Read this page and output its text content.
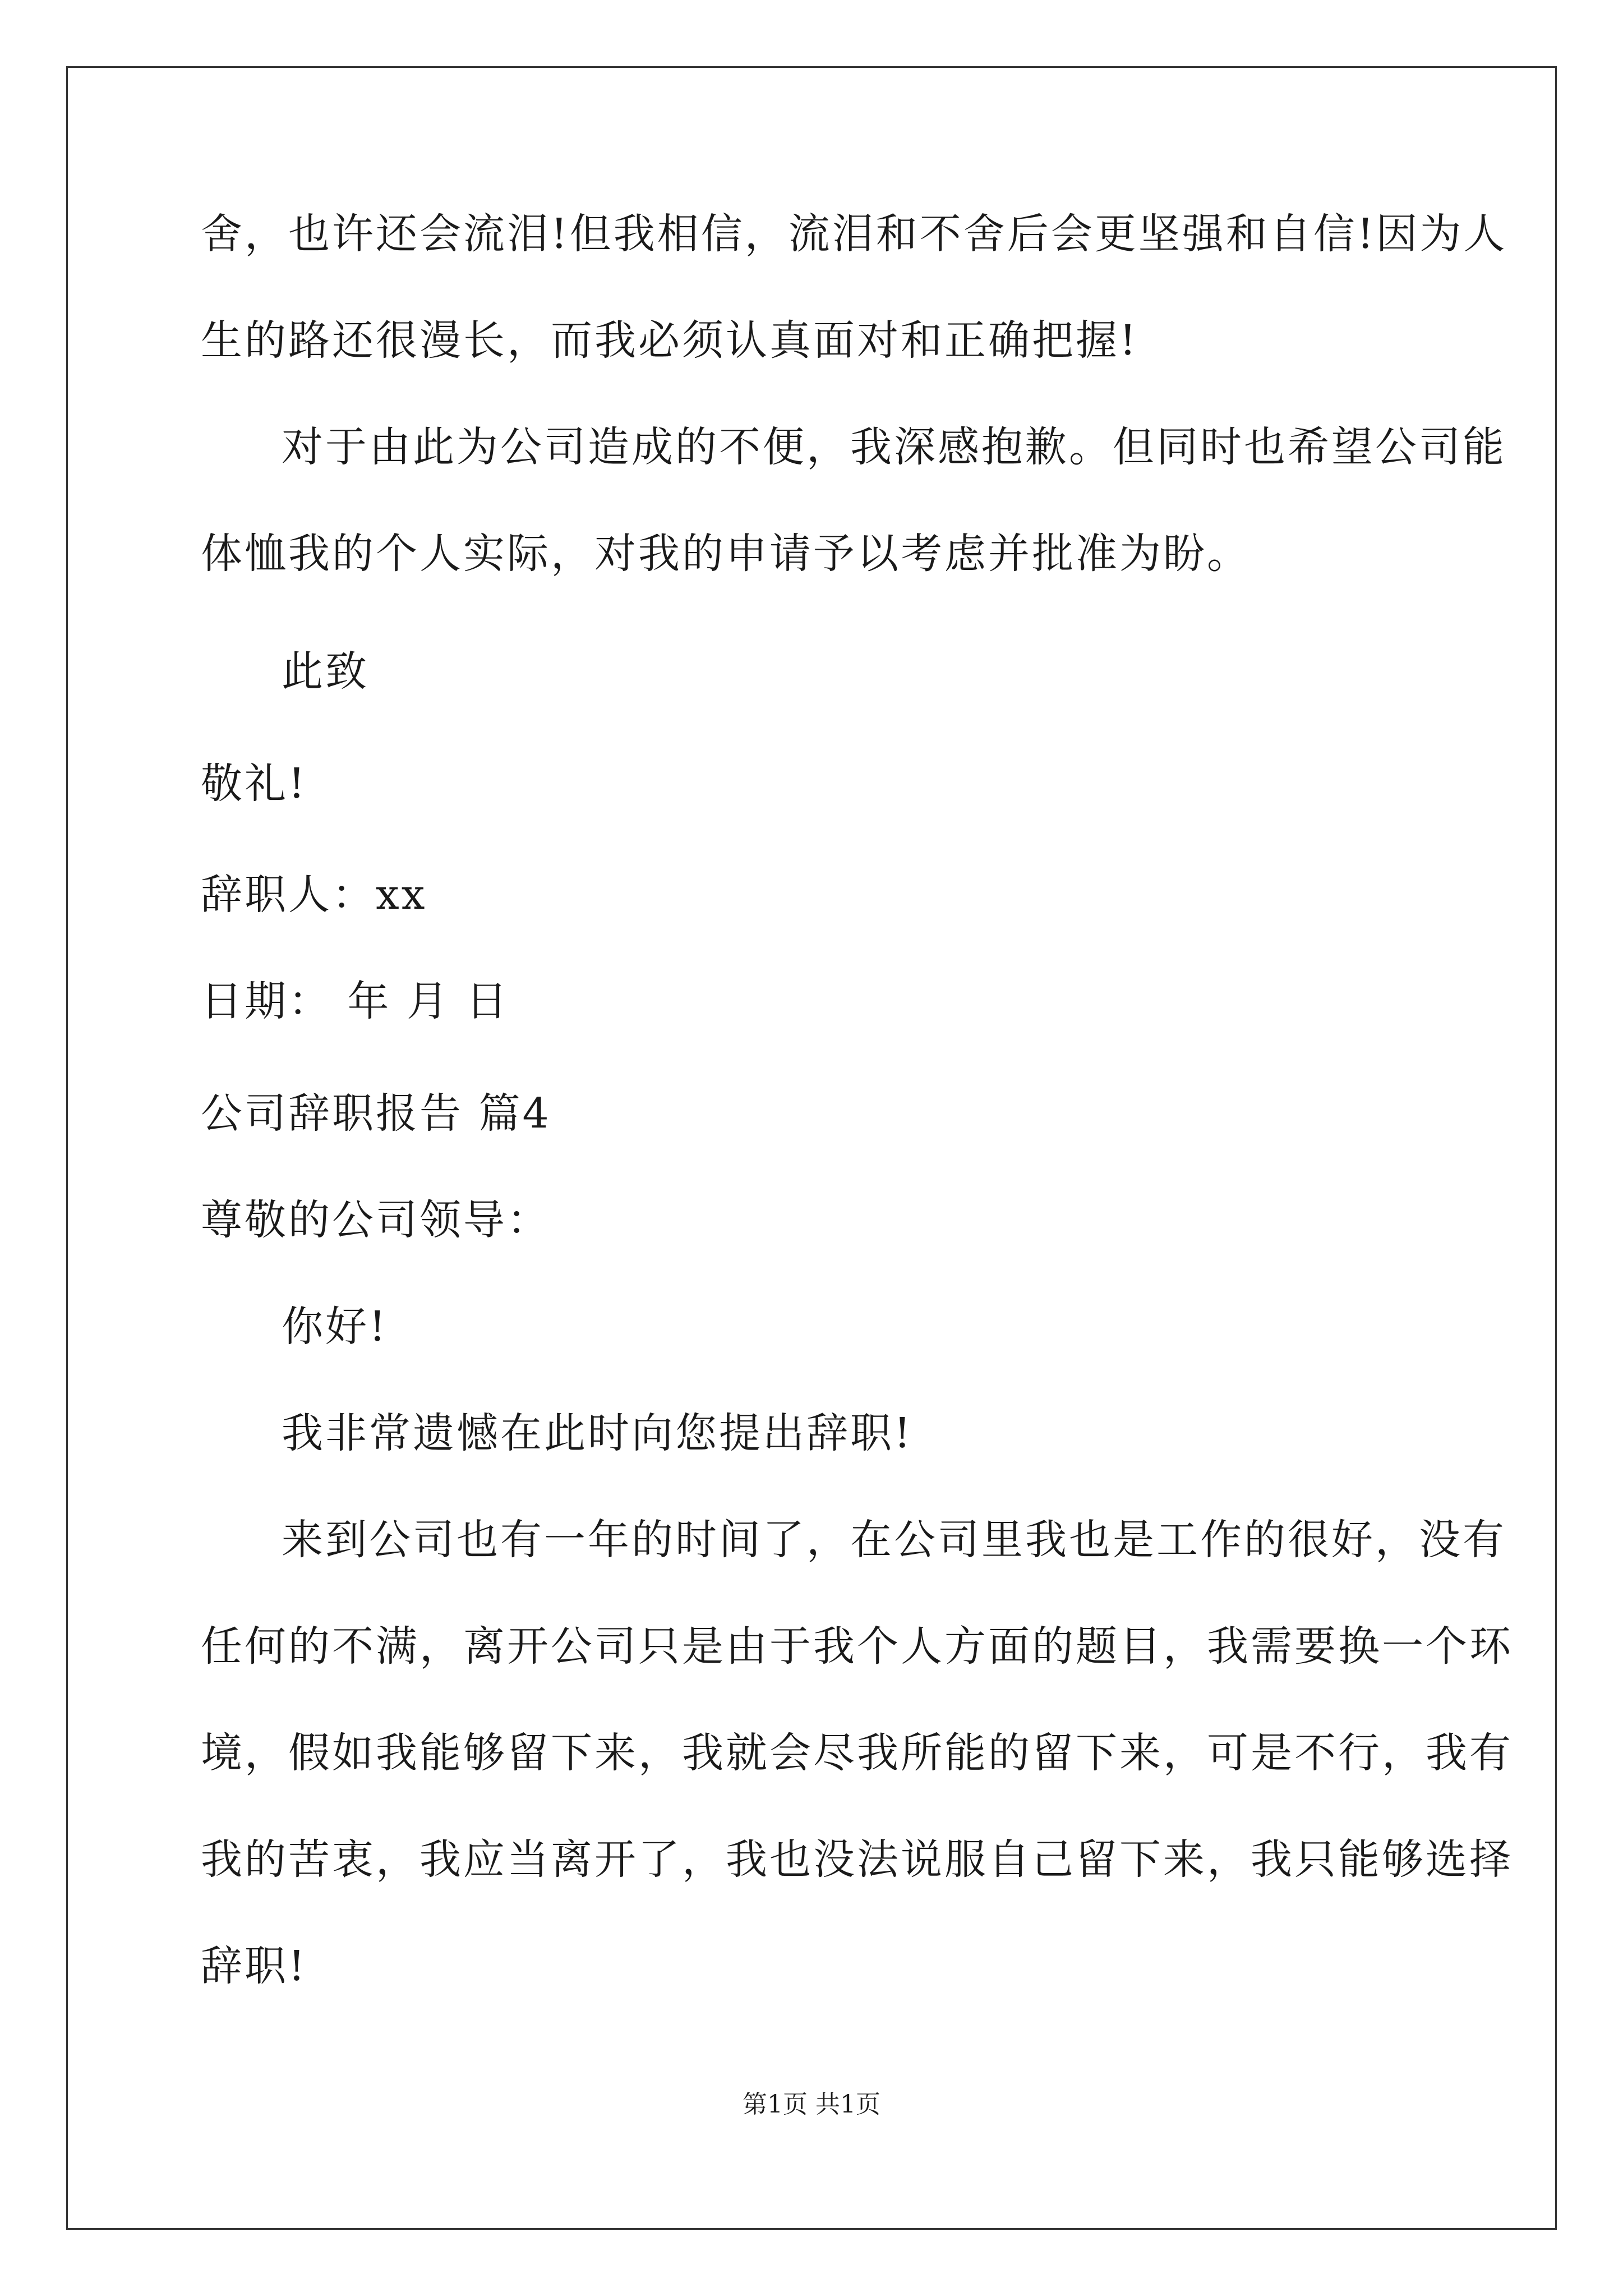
舍，也许还会流泪!但我相信，流泪和不舍后会更坚强和自信!因为人
生的路还很漫长，而我必须认真面对和正确把握!
对于由此为公司造成的不便，我深感抱歉。但同时也希望公司能
体恤我的个人实际，对我的申请予以考虑并批准为盼。
此致
敬礼!
辞职人：xx
日期： 年 月 日
公司辞职报告 篇4
尊敬的公司领导：
你好!
我非常遗憾在此时向您提出辞职!
来到公司也有一年的时间了，在公司里我也是工作的很好，没有
任何的不满，离开公司只是由于我个人方面的题目，我需要换一个环
境，假如我能够留下来，我就会尽我所能的留下来，可是不行，我有
我的苦衷，我应当离开了，我也没法说服自己留下来，我只能够选择
辞职!
第1页 共1页
